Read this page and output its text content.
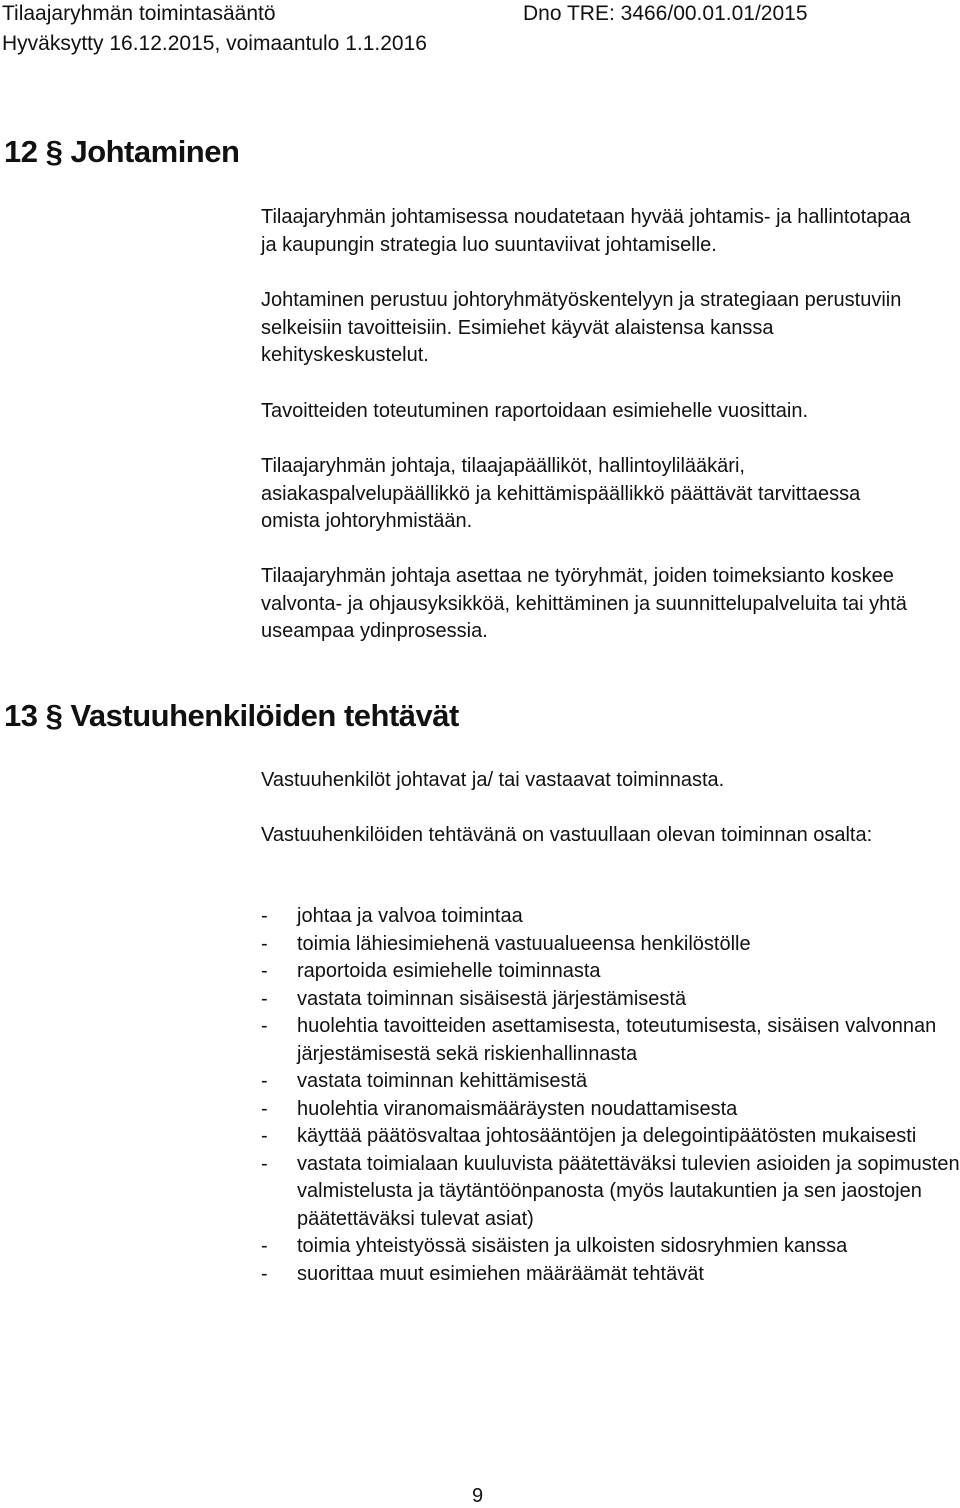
Tilaajaryhmän toimintasääntö	Dno TRE: 3466/00.01.01/2015
Hyväksytty 16.12.2015, voimaantulo 1.1.2016
12 § Johtaminen

Tilaajaryhmän johtamisessa noudatetaan hyvää johtamis- ja hallintotapaa ja kaupungin strategia luo suuntaviivat johtamiselle.

Johtaminen perustuu johtoryhmätyöskentelyyn ja strategiaan perustuviin selkeisiin tavoitteisiin. Esimiehet käyvät alaistensa kanssa kehityskeskustelut.

Tavoitteiden toteutuminen raportoidaan esimiehelle vuosittain.

Tilaajaryhmän johtaja, tilaajapäälliköt, hallintoylilääkäri, asiakaspalvelupäällikkö ja kehittämispäällikkö päättävät tarvittaessa omista johtoryhmistään.

Tilaajaryhmän johtaja asettaa ne työryhmät, joiden toimeksianto koskee valvonta- ja ohjausyksikköä, kehittäminen ja suunnittelupalveluita tai yhtä useampaa ydinprosessia.

13 § Vastuuhenkilöiden tehtävät

Vastuuhenkilöt johtavat ja/ tai vastaavat toiminnasta.

Vastuuhenkilöiden tehtävänä on vastuullaan olevan toiminnan osalta:

- johtaa ja valvoa toimintaa
- toimia lähiesimiehenä vastuualueensa henkilöstölle
- raportoida esimiehelle toiminnasta
- vastata toiminnan sisäisestä järjestämisestä
- huolehtia tavoitteiden asettamisesta, toteutumisesta, sisäisen valvonnan järjestämisestä sekä riskienhallinnasta
- vastata toiminnan kehittämisestä
- huolehtia viranomaismääräysten noudattamisesta
- käyttää päätösvaltaa johtosääntöjen ja delegointipäätösten mukaisesti
- vastata toimialaan kuuluvista päätettäväksi tulevien asioiden ja sopimusten valmistelusta ja täytäntöönpanosta (myös lautakuntien ja sen jaostojen päätettäväksi tulevat asiat)
- toimia yhteistyössä sisäisten ja ulkoisten sidosryhmien kanssa
- suorittaa muut esimiehen määräämät tehtävät
9
